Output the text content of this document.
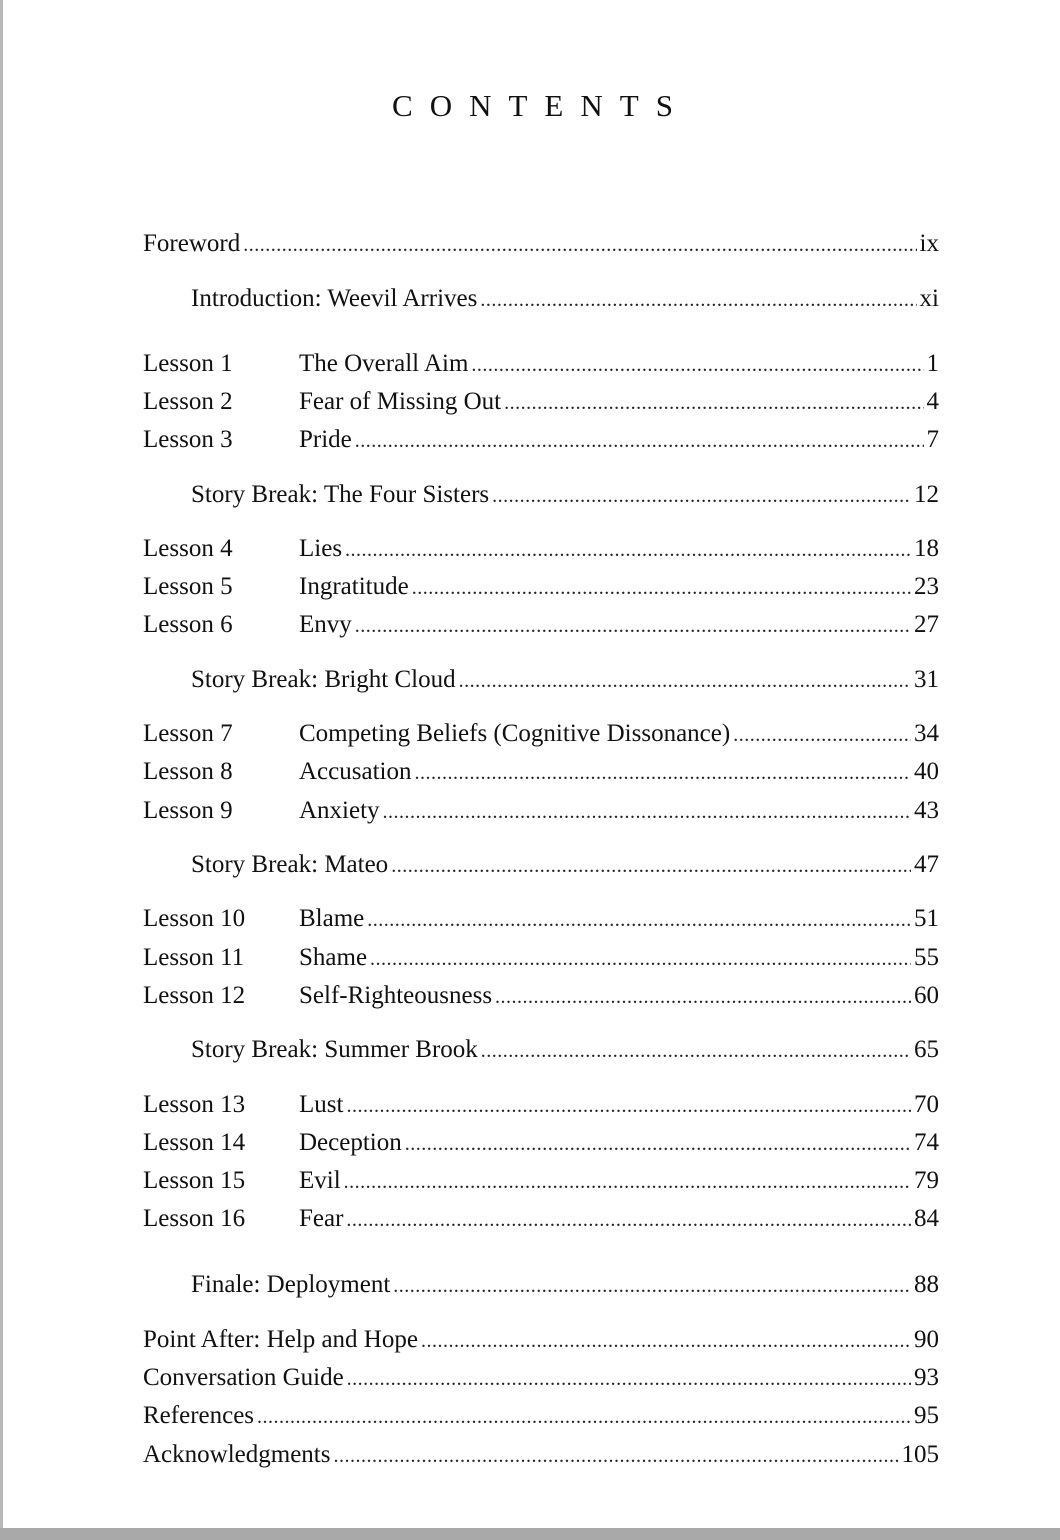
CONTENTS
Foreword .....	ix
Introduction: Weevil Arrives .....	xi
Lesson 1	The Overall Aim .....	1
Lesson 2	Fear of Missing Out .....	4
Lesson 3	Pride .....	7
Story Break: The Four Sisters .....	12
Lesson 4	Lies .....	18
Lesson 5	Ingratitude .....	23
Lesson 6	Envy .....	27
Story Break: Bright Cloud .....	31
Lesson 7	Competing Beliefs (Cognitive Dissonance) .....	34
Lesson 8	Accusation .....	40
Lesson 9	Anxiety .....	43
Story Break: Mateo .....	47
Lesson 10	Blame .....	51
Lesson 11	Shame .....	55
Lesson 12	Self-Righteousness .....	60
Story Break: Summer Brook .....	65
Lesson 13	Lust .....	70
Lesson 14	Deception .....	74
Lesson 15	Evil .....	79
Lesson 16	Fear .....	84
Finale: Deployment .....	88
Point After: Help and Hope .....	90
Conversation Guide .....	93
References .....	95
Acknowledgments .....	105
